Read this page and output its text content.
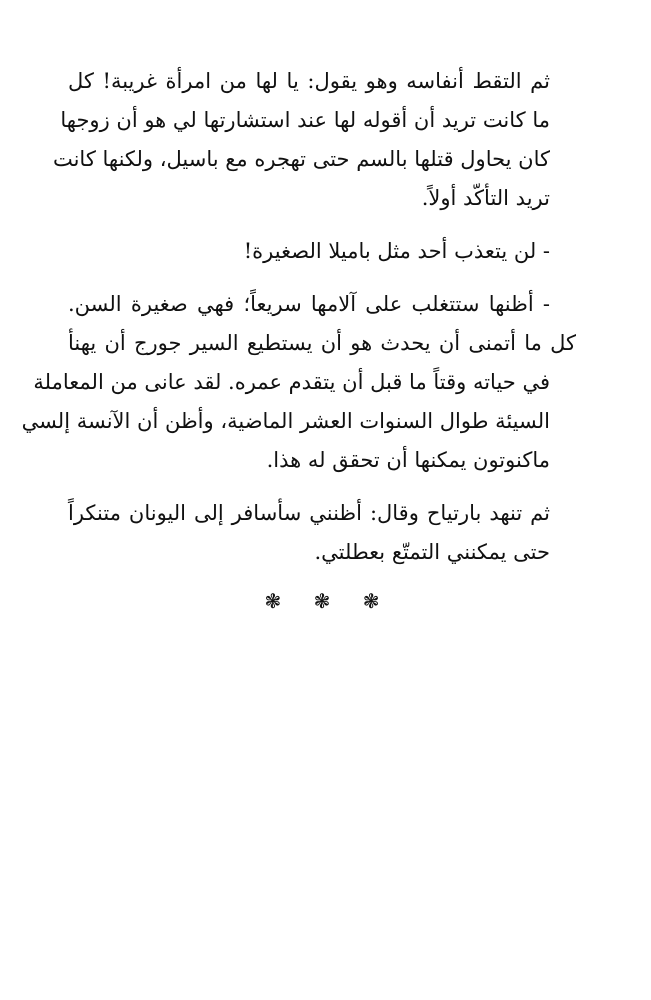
ثم التقط أنفاسه وهو يقول: يا لها من امرأة غريبة! كل
ما كانت تريد أن أقوله لها عند استشارتها لي هو أن زوجها
كان يحاول قتلها بالسم حتى تهجره مع باسيل، ولكنها كانت
تريد التأكّد أولاً.
- لن يتعذب أحد مثل باميلا الصغيرة!
- أظنها ستتغلب على آلامها سريعاً؛ فهي صغيرة السن.
كل ما أتمنى أن يحدث هو أن يستطيع السير جورج أن يهنأ
في حياته وقتاً ما قبل أن يتقدم عمره. لقد عانى من المعاملة
السيئة طوال السنوات العشر الماضية، وأظن أن الآنسة إلسي
ماكنوتون يمكنها أن تحقق له هذا.
ثم تنهد بارتياح وقال: أظنني سأسافر إلى اليونان متنكراً
حتى يمكنني التمتّع بعطلتي.
❃ ❃ ❃
